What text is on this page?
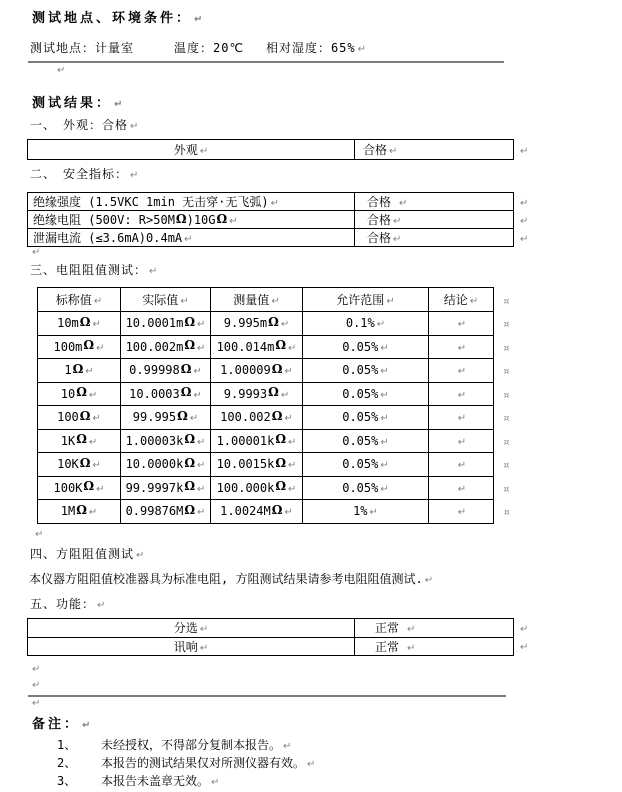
测试地点、环境条件： ↵
测试地点：计量室	温度：20℃ 相对湿度：65% ↵
↵
测试结果： ↵
一、　外观：合格 ↵
外观 ↵	合格 ↵	↵
二、　安全指标： ↵
绝缘强度 (1.5VKC 1min 无击穿·无飞弧) ↵	合格 ↵	↵
绝缘电阻 (500V: R>50MΩ)10GΩ ↵	合格 ↵	↵
泄漏电流 (≤3.6mA)0.4mA ↵	合格 ↵	↵
↵
三、电阻阻值测试： ↵
标称值 ↵	实际值 ↵	测量值 ↵	允许范围 ↵	结论 ↵	¤
10mΩ ↵	10.0001mΩ ↵	9.995mΩ ↵	0.1% ↵	↵	¤
100mΩ ↵	100.002mΩ ↵	100.014mΩ ↵	0.05% ↵	↵	¤
1Ω ↵	0.99998Ω ↵	1.00009Ω ↵	0.05% ↵	↵	¤
10Ω ↵	10.0003Ω ↵	9.9993Ω ↵	0.05% ↵	↵	¤
100Ω ↵	99.995Ω ↵	100.002Ω ↵	0.05% ↵	↵	¤
1KΩ ↵	1.00003kΩ ↵	1.00001kΩ ↵	0.05% ↵	↵	¤
10KΩ ↵	10.0000kΩ ↵	10.0015kΩ ↵	0.05% ↵	↵	¤
100KΩ ↵	99.9997kΩ ↵	100.000kΩ ↵	0.05% ↵	↵	¤
1MΩ ↵	0.99876MΩ ↵	1.0024MΩ ↵	1% ↵	↵	¤
↵
四、方阻阻值测试 ↵
本仪器方阻阻值校准器具为标准电阻, 方阻测试结果请参考电阻阻值测试. ↵
五、功能： ↵
分选 ↵	正常 ↵	↵
讯响 ↵	正常 ↵	↵
↵
↵
↵
备注： ↵
1、	未经授权，不得部分复制本报告。 ↵
2、	本报告的测试结果仅对所测仪器有效。 ↵
3、	本报告未盖章无效。 ↵
